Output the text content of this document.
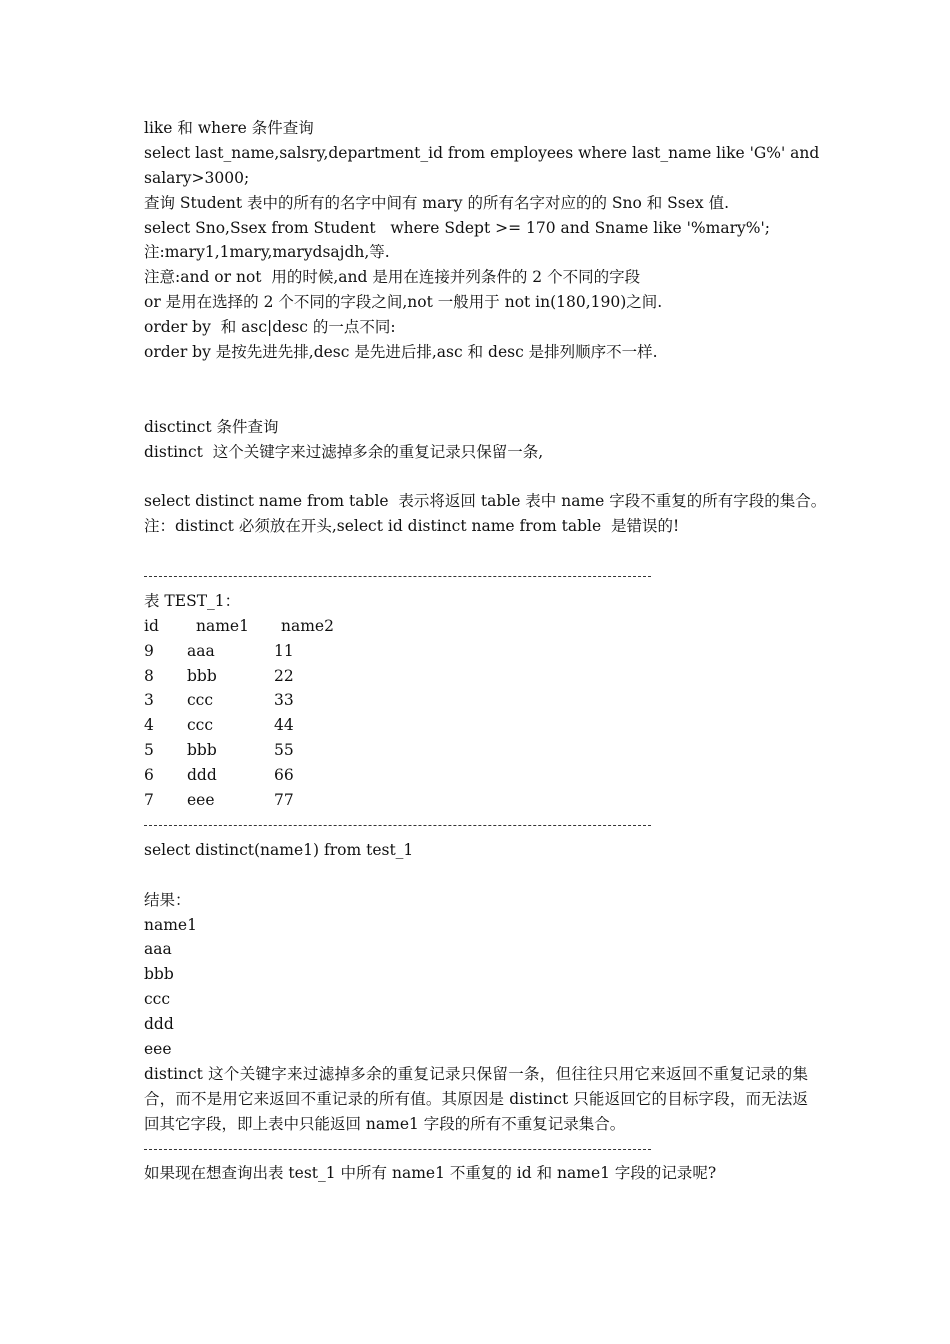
like 和 where 条件查询
select last_name,salsry,department_id from employees where last_name like 'G%' and
salary>3000;
查询 Student 表中的所有的名字中间有 mary 的所有名字对应的的 Sno 和 Ssex 值.
select Sno,Ssex from Student   where Sdept >= 170 and Sname like '%mary%';
注:mary1,1mary,marydsajdh,等.
注意:and or not  用的时候,and 是用在连接并列条件的 2 个不同的字段
or 是用在选择的 2 个不同的字段之间,not 一般用于 not in(180,190)之间.
order by  和 asc|desc 的一点不同:
order by 是按先进先排,desc 是先进后排,asc 和 desc 是排列顺序不一样.
disctinct 条件查询
distinct  这个关键字来过滤掉多余的重复记录只保留一条,
select distinct name from table  表示将返回 table 表中 name 字段不重复的所有字段的集合。
注：distinct 必须放在开头,select id distinct name from table  是错误的!
表 TEST_1：
id name1 name2
9 aaa	11
8 bbb	22
3 ccc	33
4 ccc	44
5 bbb	55
6 ddd	66
7 eee	77
select distinct(name1) from test_1
结果：
name1
aaa
bbb
ccc
ddd
eee
distinct 这个关键字来过滤掉多余的重复记录只保留一条，但往往只用它来返回不重复记录的集合，而不是用它来返回不重记录的所有值。其原因是 distinct 只能返回它的目标字段，而无法返回其它字段，即上表中只能返回 name1 字段的所有不重复记录集合。
如果现在想查询出表 test_1 中所有 name1 不重复的 id 和 name1 字段的记录呢?
